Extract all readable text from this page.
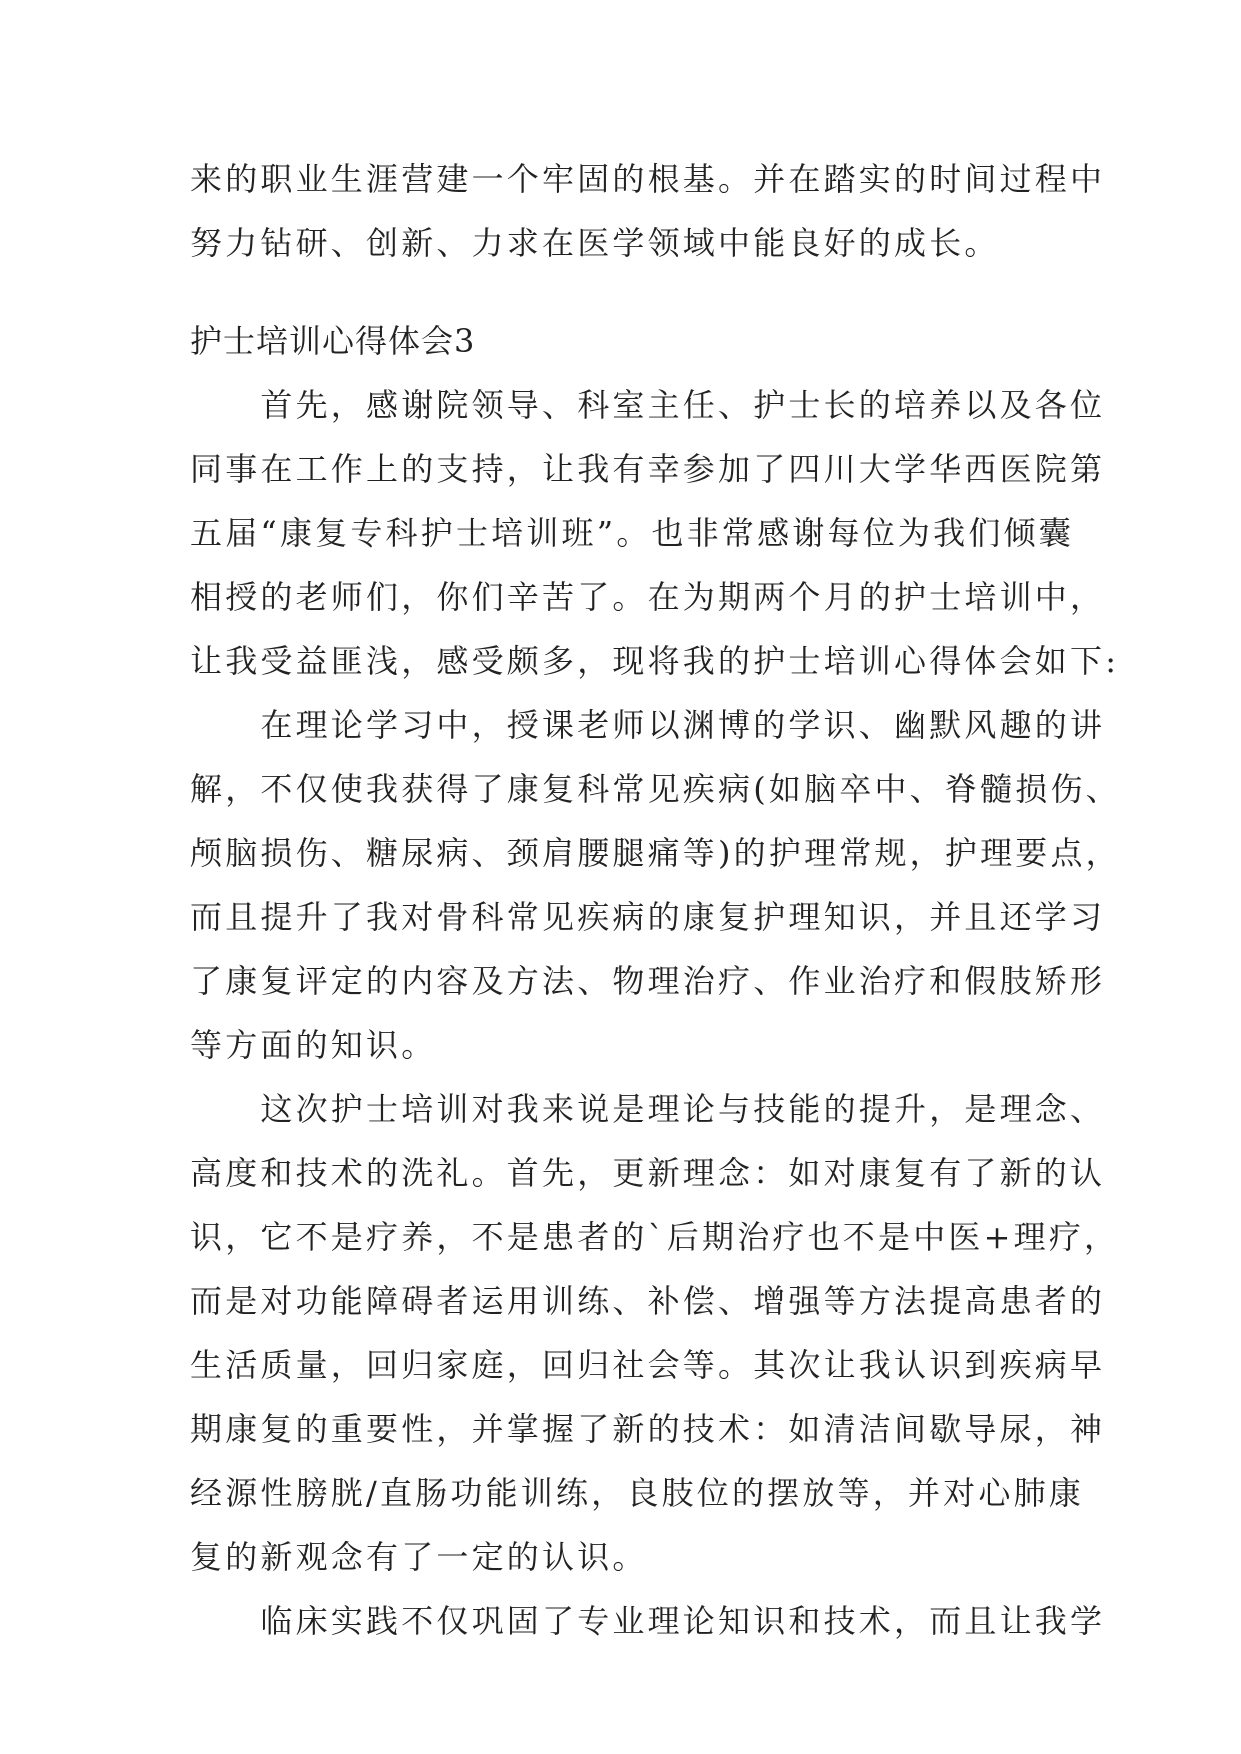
来的职业生涯营建一个牢固的根基。并在踏实的时间过程中
努力钻研、创新、力求在医学领域中能良好的成长。
护士培训心得体会3
　　首先，感谢院领导、科室主任、护士长的培养以及各位
同事在工作上的支持，让我有幸参加了四川大学华西医院第
五届“康复专科护士培训班”。也非常感谢每位为我们倾囊
相授的老师们，你们辛苦了。在为期两个月的护士培训中，
让我受益匪浅，感受颇多，现将我的护士培训心得体会如下:
　　在理论学习中，授课老师以渊博的学识、幽默风趣的讲
解，不仅使我获得了康复科常见疾病(如脑卒中、脊髓损伤、
颅脑损伤、糖尿病、颈肩腰腿痛等)的护理常规，护理要点，
而且提升了我对骨科常见疾病的康复护理知识，并且还学习
了康复评定的内容及方法、物理治疗、作业治疗和假肢矫形
等方面的知识。
　　这次护士培训对我来说是理论与技能的提升，是理念、
高度和技术的洗礼。首先，更新理念：如对康复有了新的认
识，它不是疗养，不是患者的`后期治疗也不是中医+理疗，
而是对功能障碍者运用训练、补偿、增强等方法提高患者的
生活质量，回归家庭，回归社会等。其次让我认识到疾病早
期康复的重要性，并掌握了新的技术：如清洁间歇导尿，神
经源性膀胱/直肠功能训练，良肢位的摆放等，并对心肺康
复的新观念有了一定的认识。
　　临床实践不仅巩固了专业理论知识和技术，而且让我学
